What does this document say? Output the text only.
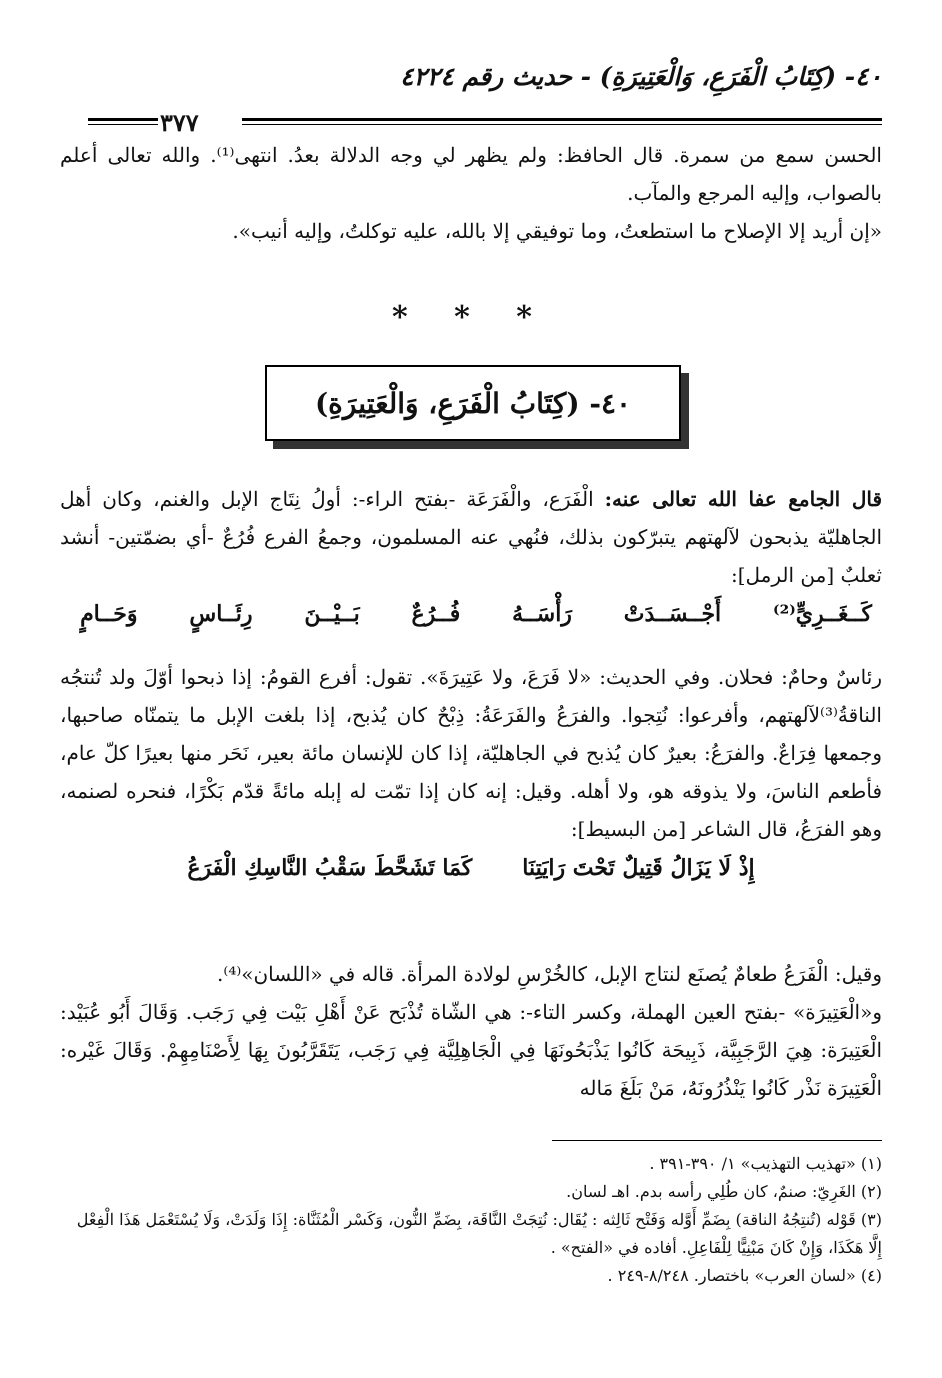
٤٠- (كِتَابُ الْفَرَعِ، وَالْعَتِيرَةِ) - حديث رقم ٤٢٢٤
٣٧٧

الحسن سمع من سمرة. قال الحافظ: ولم يظهر لي وجه الدلالة بعدُ. انتهى⁽¹⁾. والله تعالى أعلم بالصواب، وإليه المرجع والمآب.

«إن أريد إلا الإصلاح ما استطعتُ، وما توفيقي إلا بالله، عليه توكلتُ، وإليه أنيب».

* * *
٤٠- (كِتَابُ الْفَرَعِ، وَالْعَتِيرَةِ)

قال الجامع عفا الله تعالى عنه: الْفَرَع، والْفَرَعَة -بفتح الراء-: أولُ نِتَاج الإبل والغنم، وكان أهل الجاهليّة يذبحون لآلهتهم يتبرّكون بذلك، فنُهي عنه المسلمون، وجمعُ الفرع فُرُعٌ -أي بضمّتين- أنشد ثعلبٌ [من الرمل]:

كَــغَــرِيٍّ⁽²⁾
أَجْــسَــدَتْ
رَأْسَــهُ
فُــرُعٌ
بَــيْــنَ
رِئَــاسٍ
وَحَــامٍ

رئاسٌ وحامٌ: فحلان. وفي الحديث: «لا فَرَعَ، ولا عَتِيرَةَ». تقول: أفرع القومُ: إذا ذبحوا أوّلَ ولد تُنتجُه الناقةُ⁽³⁾لآلهتهم، وأفرعوا: نُتِجوا. والفرَعُ والفَرَعَةُ: ذِبْحٌ كان يُذبح، إذا بلغت الإبل ما يتمنّاه صاحبها، وجمعها فِرَاعٌ. والفرَعُ: بعيرٌ كان يُذبح في الجاهليّة، إذا كان للإنسان مائة بعير، نَحَر منها بعيرًا كلّ عام، فأطعم الناسَ، ولا يذوقه هو، ولا أهله. وقيل: إنه كان إذا تمّت له إبله مائةً قدّم بَكْرًا، فنحره لصنمه، وهو الفرَعُ، قال الشاعر [من البسيط]:

إِذْ لَا يَزَالُ قَتِيلٌ تَحْتَ رَايَتِنَا
كَمَا تَشَحَّطَ سَقْبُ النَّاسِكِ الْفَرَعُ

وقيل: الْفَرَعُ طعامٌ يُصنَع لنتاج الإبل، كالخُرْسِ لولادة المرأة. قاله في «اللسان»⁽⁴⁾.

و«الْعَتِيرَة» -بفتح العين الهملة، وكسر التاء-: هي الشّاة تُذْبَح عَنْ أَهْلِ بَيْت فِي رَجَب. وَقَالَ أَبُو عُبَيْد: الْعَتِيرَة: هِيَ الرَّجَبِيَّة، ذَبِيحَة كَانُوا يَذْبَحُونَهَا فِي الْجَاهِلِيَّة فِي رَجَب، يَتَقَرَّبُونَ بِهَا لِأَصْنَامِهِمْ. وَقَالَ غَيْره: الْعَتِيرَة نَذْر كَانُوا يَنْذُرُونَهُ، مَنْ بَلَغَ مَاله

(١) «تهذيب التهذيب» ١/ ٣٩٠-٣٩١ .

(٢) الغَرِيّ: صنمٌ، كان طُلِي رأسه بدم. اهـ لسان.

(٣) قَوْله (تُنتِجُهُ الناقة) بِضَمِّ أَوَّله وَفَتْح ثَالِثه : يُقَال: نُتِجَتْ النَّاقَة، بِضَمِّ النُّون، وَكَسْر الْمُثَنَّاة: إِذَا وَلَدَتْ، وَلَا يُسْتَعْمَل هَذَا الْفِعْل إِلَّا هَكَذَا، وَإِنْ كَانَ مَبْنِيًّا لِلْفَاعِلِ. أفاده في «الفتح» .

(٤) «لسان العرب» باختصار. ٨/٢٤٨-٢٤٩ .
